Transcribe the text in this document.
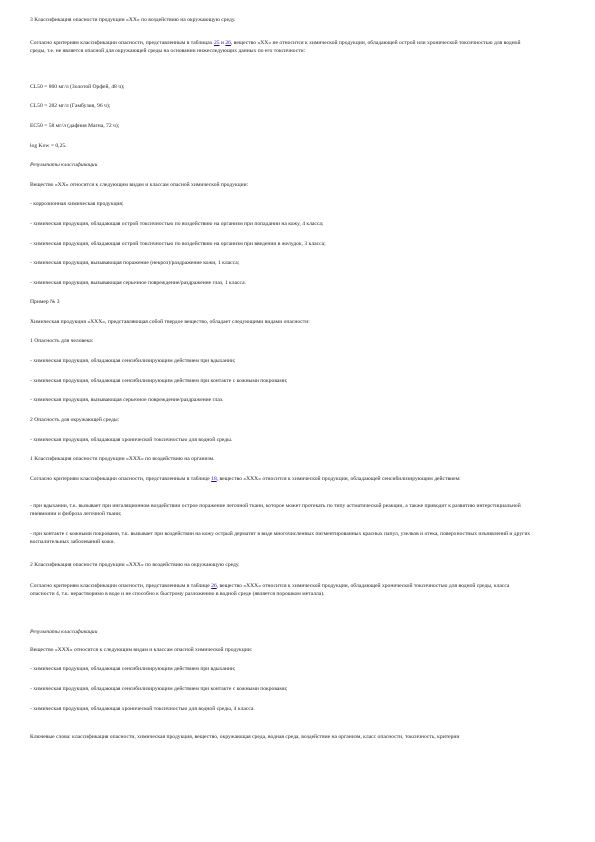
3 Классификация опасности продукции «ХХ» по воздействию на окружающую среду.

Согласно критериям классификации опасности, представленным в таблицах 25 и 26, вещество «ХХ» не относится к химической продукции, обладающей острой или хронической токсичностью для водной среды, т.е. не является опасной для окружающей среды на основании нижеследующих данных по его токсичности:

CL50 = 860 мг/л (Золотой Орфей, 48 ч);

CL50 = 282 мг/л (Гамбузия, 96 ч);

EC50 = 58 мг/л (дафния Магна, 72 ч);

log Kow = 0,25.

Результаты классификации

Вещество «ХХ» относится к следующим видам и классам опасной химической продукции:

- коррозионная химическая продукция;

- химическая продукция, обладающая острой токсичностью по воздействию на организм при попадании на кожу, 4 класса;

- химическая продукция, обладающая острой токсичностью по воздействию на организм при введении в желудок, 3 класса;

- химическая продукция, вызывающая поражение (некроз)/раздражение кожи, 1 класса;

- химическая продукция, вызывающая серьезное повреждение/раздражение глаз, 1 класса.

Пример № 3

Химическая продукция «ХХХ», представляющая собой твердое вещество, обладает следующими видами опасности:

1 Опасность для человека:

- химическая продукция, обладающая сенсибилизирующим действием при вдыхании;

- химическая продукция, обладающая сенсибилизирующим действием при контакте с кожными покровами;

- химическая продукция, вызывающая серьезное повреждение/раздражение глаз.

2 Опасность для окружающей среды:

- химическая продукция, обладающая хронической токсичностью для водной среды.

1 Классификация опасности продукции «ХХХ» по воздействию на организм.

Согласно критериям классификации опасности, представленным в таблице 18, вещество «ХХХ» относится к химической продукции, обладающей сенсибилизирующим действием:

- при вдыхании, т.к. вызывает при ингаляционном воздействии острое поражение легочной ткани, которое может протекать по типу астматической реакции, а также приводит к развитию интерстициальной пневмонии и фиброза легочной ткани;

- при контакте с кожными покровами, т.к. вызывает при воздействии на кожу острый дерматит в виде многочисленных пигментированных красных папул, узелков и отека, поверхностных изъязвлений и других воспалительных заболеваний кожи.

2 Классификация опасности продукции «ХХХ» по воздействию на окружающую среду.

Согласно критериям классификации опасности, представленным в таблице 26, вещество «ХХХ» относится к химической продукции, обладающей хронической токсичностью для водной среды, класса опасности 4, т.к. нерастворимо в воде и не способно к быстрому разложению в водной среде (является порошком металла).

Результаты классификации

Вещество «ХХХ» относится к следующим видам и классам опасной химической продукции:

- химическая продукция, обладающая сенсибилизирующим действием при вдыхании;

- химическая продукция, обладающая сенсибилизирующим действием при контакте с кожными покровами;

- химическая продукция, обладающая хронической токсичностью для водной среды, 4 класса.

Ключевые слова: классификация опасности, химическая продукция, вещество, окружающая среда, водная среда, воздействие на организм, класс опасности, токсичность, критерии
